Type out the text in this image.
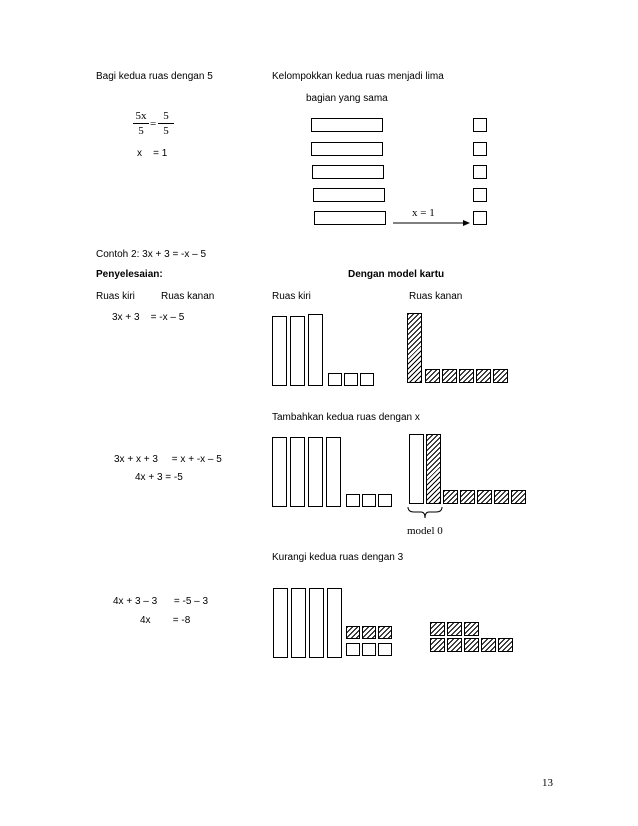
Bagi kedua ruas dengan 5
5x
5
=
5
5
x    = 1
Kelompokkan kedua ruas menjadi lima
bagian yang sama
x = 1
Contoh 2: 3x + 3 = -x – 5
Penyelesaian:	Dengan model kartu
Ruas kiri	Ruas kanan	Ruas kiri	Ruas kanan
3x + 3    = -x – 5
Tambahkan kedua ruas dengan x
3x + x + 3     = x + -x – 5
4x + 3 = -5
model 0
Kurangi kedua ruas dengan 3
4x + 3 – 3      = -5 – 3
4x        = -8
13
